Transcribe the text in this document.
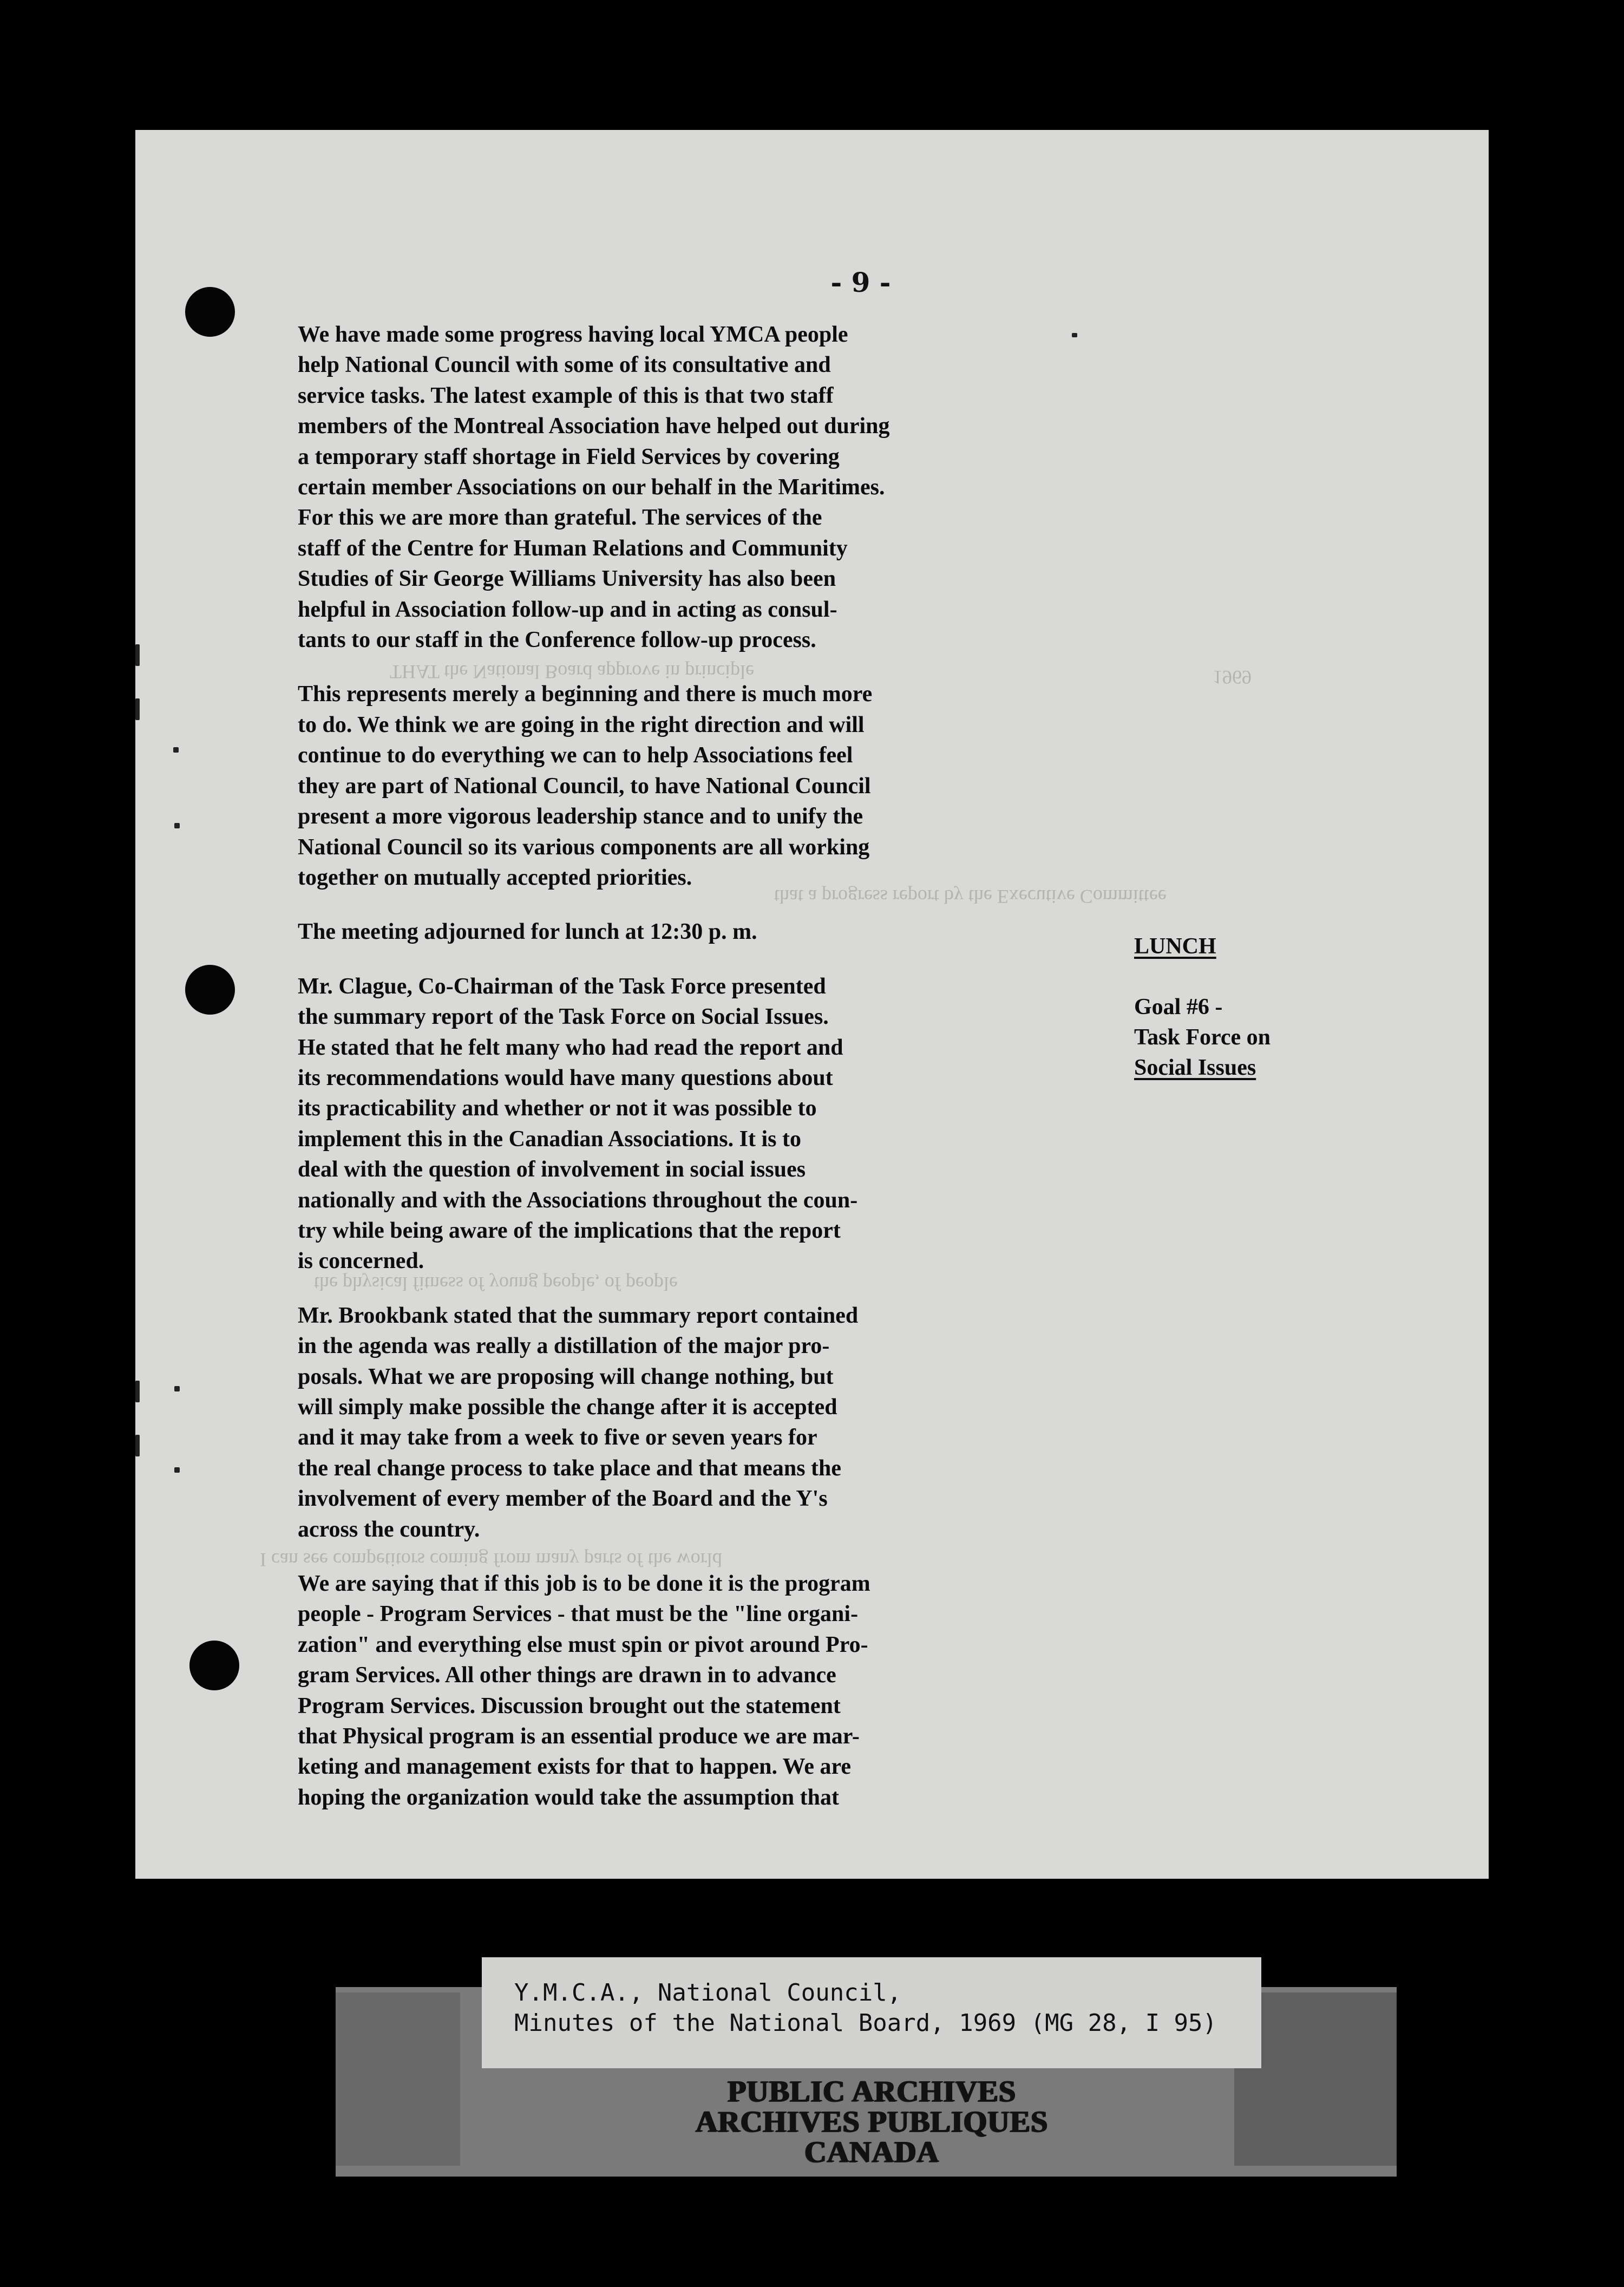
THAT the National Board approve in principle	1969
that a progress report by the Executive Committee
the physical fitness of young people, of people
I can see competitors coming from many parts of the world

- 9 -

We have made some progress having local YMCA people
help National Council with some of its consultative and
service tasks. The latest example of this is that two staff
members of the Montreal Association have helped out during
a temporary staff shortage in Field Services by covering
certain member Associations on our behalf in the Maritimes.
For this we are more than grateful. The services of the
staff of the Centre for Human Relations and Community
Studies of Sir George Williams University has also been
helpful in Association follow-up and in acting as consul-
tants to our staff in the Conference follow-up process.

This represents merely a beginning and there is much more
to do. We think we are going in the right direction and will
continue to do everything we can to help Associations feel
they are part of National Council, to have National Council
present a more vigorous leadership stance and to unify the
National Council so its various components are all working
together on mutually accepted priorities.

The meeting adjourned for lunch at 12:30 p. m.

Mr. Clague, Co-Chairman of the Task Force presented
the summary report of the Task Force on Social Issues.
He stated that he felt many who had read the report and
its recommendations would have many questions about
its practicability and whether or not it was possible to
implement this in the Canadian Associations. It is to
deal with the question of involvement in social issues
nationally and with the Associations throughout the coun-
try while being aware of the implications that the report
is concerned.

Mr. Brookbank stated that the summary report contained
in the agenda was really a distillation of the major pro-
posals. What we are proposing will change nothing, but
will simply make possible the change after it is accepted
and it may take from a week to five or seven years for
the real change process to take place and that means the
involvement of every member of the Board and the Y's
across the country.

We are saying that if this job is to be done it is the program
people - Program Services - that must be the "line organi-
zation" and everything else must spin or pivot around Pro-
gram Services. All other things are drawn in to advance
Program Services. Discussion brought out the statement
that Physical program is an essential produce we are mar-
keting and management exists for that to happen. We are
hoping the organization would take the assumption that

LUNCH
Goal #6 -
Task Force on
Social Issues
Y.M.C.A., National Council,
Minutes of the National Board, 1969 (MG 28, I 95)
PUBLIC ARCHIVES
ARCHIVES PUBLIQUES
CANADA
